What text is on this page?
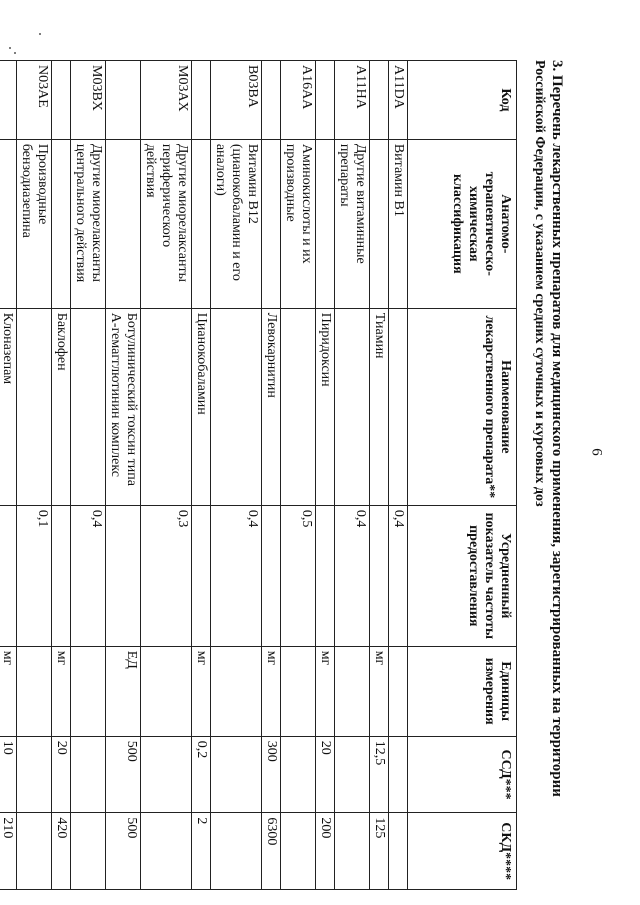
6
3. Перечень лекарственных препаратов для медицинского применения, зарегистрированных на территории
Российской Федерации, с указанием средних суточных и курсовых доз
Код	Анатомо-терапевтическо-химическая классификация	Наименование лекарственного препарата**	Усредненный показатель частоты предоставления	Единицы измерения	ССД***	СКД****
A11DA	Витамин B1		0,4			
		Тиамин		мг	12,5	125
A11HA	Другие витаминные препараты		0,4			
		Пиридоксин		мг	20	200
A16AA	Аминокислоты и их производные		0,5			
		Левокарнитин		мг	300	6300
B03BA	Витамин B12 (цианокобаламин и его аналоги)		0,4			
		Цианокобаламин		мг	0,2	2
M03AX	Другие миорелаксанты периферического действия		0,3			
		Ботулинический токсин типа А-гемагглютинин комплекс		ЕД	500	500
M03BX	Другие миорелаксанты центрального действия		0,4			
		Баклофен		мг	20	420
N03AE	Производные бензодиазепина		0,1			
		Клоназепам		мг	10	210
